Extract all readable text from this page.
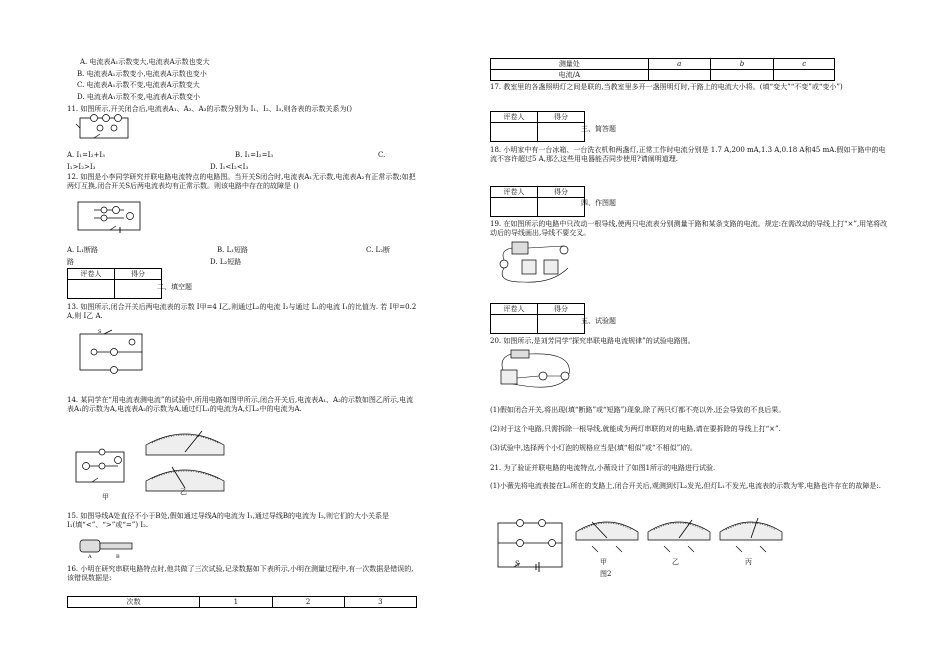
A. 电流表A₁示数变大,电流表A示数也变大
B. 电流表A₁示数变小,电流表A示数也变小
C. 电流表A₁示数不变,电流表A示数变大
D. 电流表A₁示数不变,电流表A示数变小
11. 如图所示,开关闭合后,电流表A₁、A₂、A₃的示数分别为 I₁、I₂、I₃,则各表的示数关系为()
A. I₁=I₂+I₃	B. I₁=I₂=I₃	C.
I₁>I₂>I₃	D. I₁<I₂<I₃
12. 如图是小李同学研究并联电路电流特点的电路图。当开关S闭合时,电流表A₁无示数,电流表A₂有正常示数;如把两灯互换,闭合开关S后两电流表均有正常示数。则该电路中存在的故障是 ()
A. L₁断路	B. L₁短路	C. L₂断
路	D. L₂短路
评卷人	得分

二、填空题
13. 如图所示,闭合开关后两电流表的示数 I甲=4 I乙,则通过L₂的电流 I₂与通过 L₁的电流 I₁的比值为. 若 I甲=0.2 A,则 I乙 A.
S
14. 某同学在“用电流表测电流”的试验中,所用电路如图甲所示,闭合开关后,电流表A₁、A₂的示数如图乙所示,电流表A₁的示数为A,电流表A₂的示数为A,通过灯L₁的电流为A,灯L₂中的电流为A.
甲
乙
15. 如图导线A处直径不小于B处,假如通过导线A的电流为 I₁,通过导线B的电流为 I₂,则它们的大小关系是 I₁(填“<”、“>”或“=”) I₂.
A	B
16. 小明在研究串联电路特点时,他共做了三次试验,记录数据如下表所示,小明在测量过程中,有一次数据是错误的,该错误数据是:
次数	1	2	3
测量处	a	b	c
电流/A			
17. 教室里的各盏照明灯之间是联的,当教室里多开一盏照明灯时,干路上的电流大小将。(填“变大”“不变”或“变小”)
评卷人	得分

三、简答题
18. 小明家中有一台冰箱、一台洗衣机和两盏灯,正常工作时电流分别是 1.7 A,200 mA,1.3 A,0.18 A和45 mA.假如干路中的电流不容许超过5 A,那么这些用电器能否同步使用?请阐明道理.
评卷人	得分

四、作图题
19. 在如图所示的电路中只改动一根导线,使两只电流表分别测量干路和某条支路的电流。规定:在需改动的导线上打“×”,用笔将改动后的导线画出,导线不要交叉。
评卷人	得分

五、试验题
20. 如图所示,是刘芳同学“探究串联电路电流规律”的试验电路图。
(1)假如闭合开关,将出现(填“断路”或“短路”)现象,除了两只灯都不亮以外,还会导致的不良后果。
(2)对于这个电路,只需拆除一根导线,就能成为两灯串联的对的电路,请在要拆除的导线上打“×”.
(3)试验中,选择两个小灯泡的规格应当是(填“相似”或“不相似”)的。
21. 为了验证并联电路的电流特点,小薇设计了如图1所示的电路进行试验.
(1)小薇先将电流表接在L₁所在的支路上,闭合开关后,观测到灯L₂发光,但灯L₁不发光,电流表的示数为零,电路也许存在的故障是:.
S	甲	乙	丙
图2
